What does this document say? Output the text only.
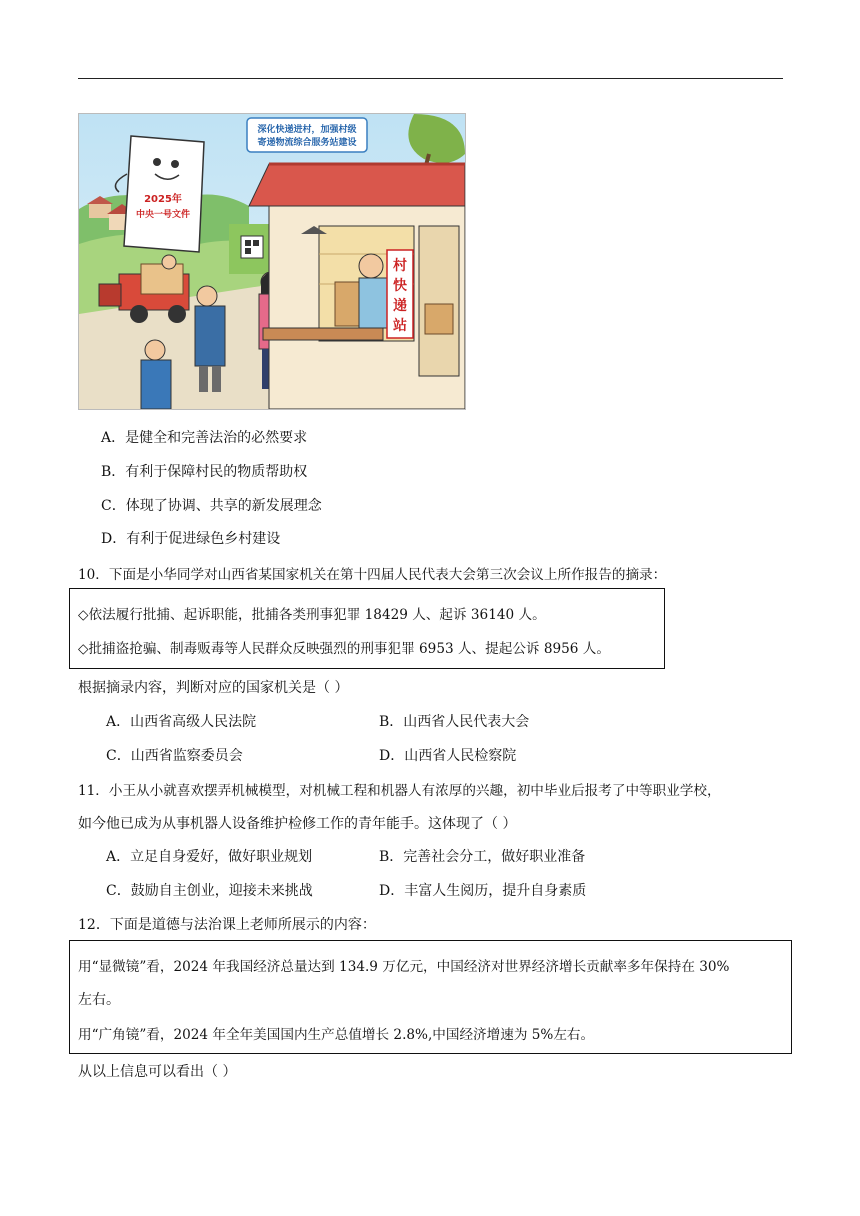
深化快递进村，加强村级
寄递物流综合服务站建设
2025年
中央一号文件
村
快
递
站
A．是健全和完善法治的必然要求
B．有利于保障村民的物质帮助权
C．体现了协调、共享的新发展理念
D．有利于促进绿色乡村建设
10．下面是小华同学对山西省某国家机关在第十四届人民代表大会第三次会议上所作报告的摘录：
◇依法履行批捕、起诉职能，批捕各类刑事犯罪 18429 人、起诉 36140 人。
◇批捕盗抢骗、制毒贩毒等人民群众反映强烈的刑事犯罪 6953 人、提起公诉 8956 人。
根据摘录内容，判断对应的国家机关是（ ）
A．山西省高级人民法院	B．山西省人民代表大会
C．山西省监察委员会	D．山西省人民检察院
11．小王从小就喜欢摆弄机械模型，对机械工程和机器人有浓厚的兴趣，初中毕业后报考了中等职业学校，
如今他已成为从事机器人设备维护检修工作的青年能手。这体现了（ ）
A．立足自身爱好，做好职业规划	B．完善社会分工，做好职业准备
C．鼓励自主创业，迎接未来挑战	D．丰富人生阅历，提升自身素质
12．下面是道德与法治课上老师所展示的内容：
用“显微镜”看，2024 年我国经济总量达到 134.9 万亿元，中国经济对世界经济增长贡献率多年保持在 30%
左右。
用“广角镜”看，2024 年全年美国国内生产总值增长 2.8%,中国经济增速为 5%左右。
从以上信息可以看出（ ）
